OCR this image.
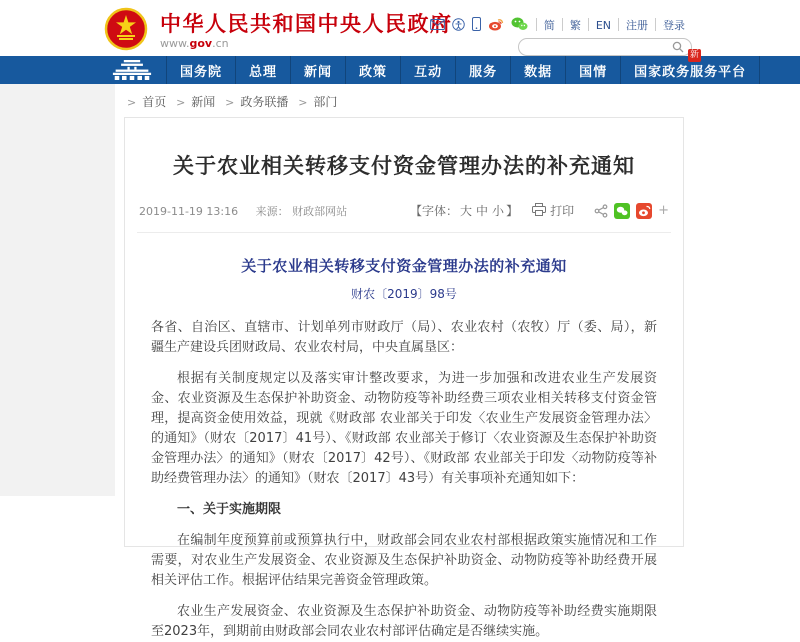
中华人民共和国中央人民政府
www.gov.cn
简	繁	EN	注册	登录
国务院	总理	新闻	政策	互动	服务	数据	国情	国家政务服务平台
新
> 首页 > 新闻 > 政务联播 > 部门
关于农业相关转移支付资金管理办法的补充通知
2019-11-19 13:16 来源： 财政部网站	【字体： 大 中 小 】	打印	+
关于农业相关转移支付资金管理办法的补充通知
财农〔2019〕98号

各省、自治区、直辖市、计划单列市财政厅（局）、农业农村（农牧）厅（委、局），新疆生产建设兵团财政局、农业农村局，中央直属垦区：

根据有关制度规定以及落实审计整改要求，为进一步加强和改进农业生产发展资金、农业资源及生态保护补助资金、动物防疫等补助经费三项农业相关转移支付资金管理，提高资金使用效益，现就《财政部 农业部关于印发〈农业生产发展资金管理办法〉的通知》（财农〔2017〕41号）、《财政部 农业部关于修订〈农业资源及生态保护补助资金管理办法〉的通知》（财农〔2017〕42号）、《财政部 农业部关于印发〈动物防疫等补助经费管理办法〉的通知》（财农〔2017〕43号）有关事项补充通知如下：

一、关于实施期限

在编制年度预算前或预算执行中，财政部会同农业农村部根据政策实施情况和工作需要，对农业生产发展资金、农业资源及生态保护补助资金、动物防疫等补助经费开展相关评估工作。根据评估结果完善资金管理政策。

农业生产发展资金、农业资源及生态保护补助资金、动物防疫等补助经费实施期限至2023年，到期前由财政部会同农业农村部评估确定是否继续实施。
